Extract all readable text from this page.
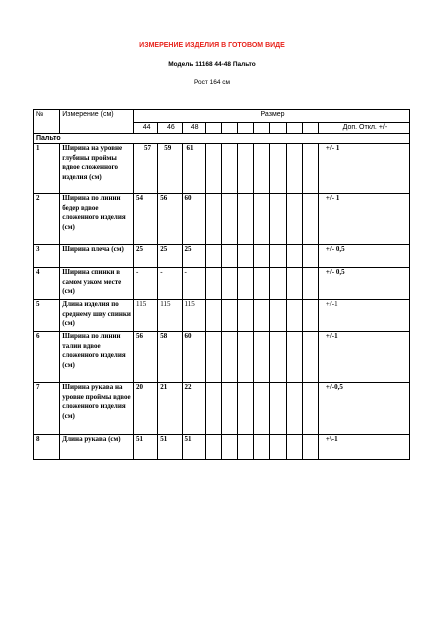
ИЗМЕРЕНИЕ ИЗДЕЛИЯ В ГОТОВОМ ВИДЕ
Модель 11168 44-48 Пальто
Рост 164 см
№	Измерение (см)	Размер										
		44	46	48								Доп. Откл. +/-
Пальто												
1	Ширина на уровне глубины проймы вдвое сложенного изделия (см)	57	59	61								+/- 1
2	Ширина по линии бедер вдвое сложенного изделия (см)	54	56	60								+/- 1
3	Ширина плеча (см)	25	25	25								+/- 0,5
4	Ширина спинки в самом узком месте (см)	-	-	-								+/- 0,5
5	Длина изделия по среднему шву спинки (см)	115	115	115								+/-1
6	Ширина по линии талии вдвое сложенного изделия (см)	56	58	60								+/-1
7	Ширина рукава на уровне проймы вдвое сложенного изделия (см)	20	21	22								+/-0,5
8	Длина рукава (см)	51	51	51								+\-1
